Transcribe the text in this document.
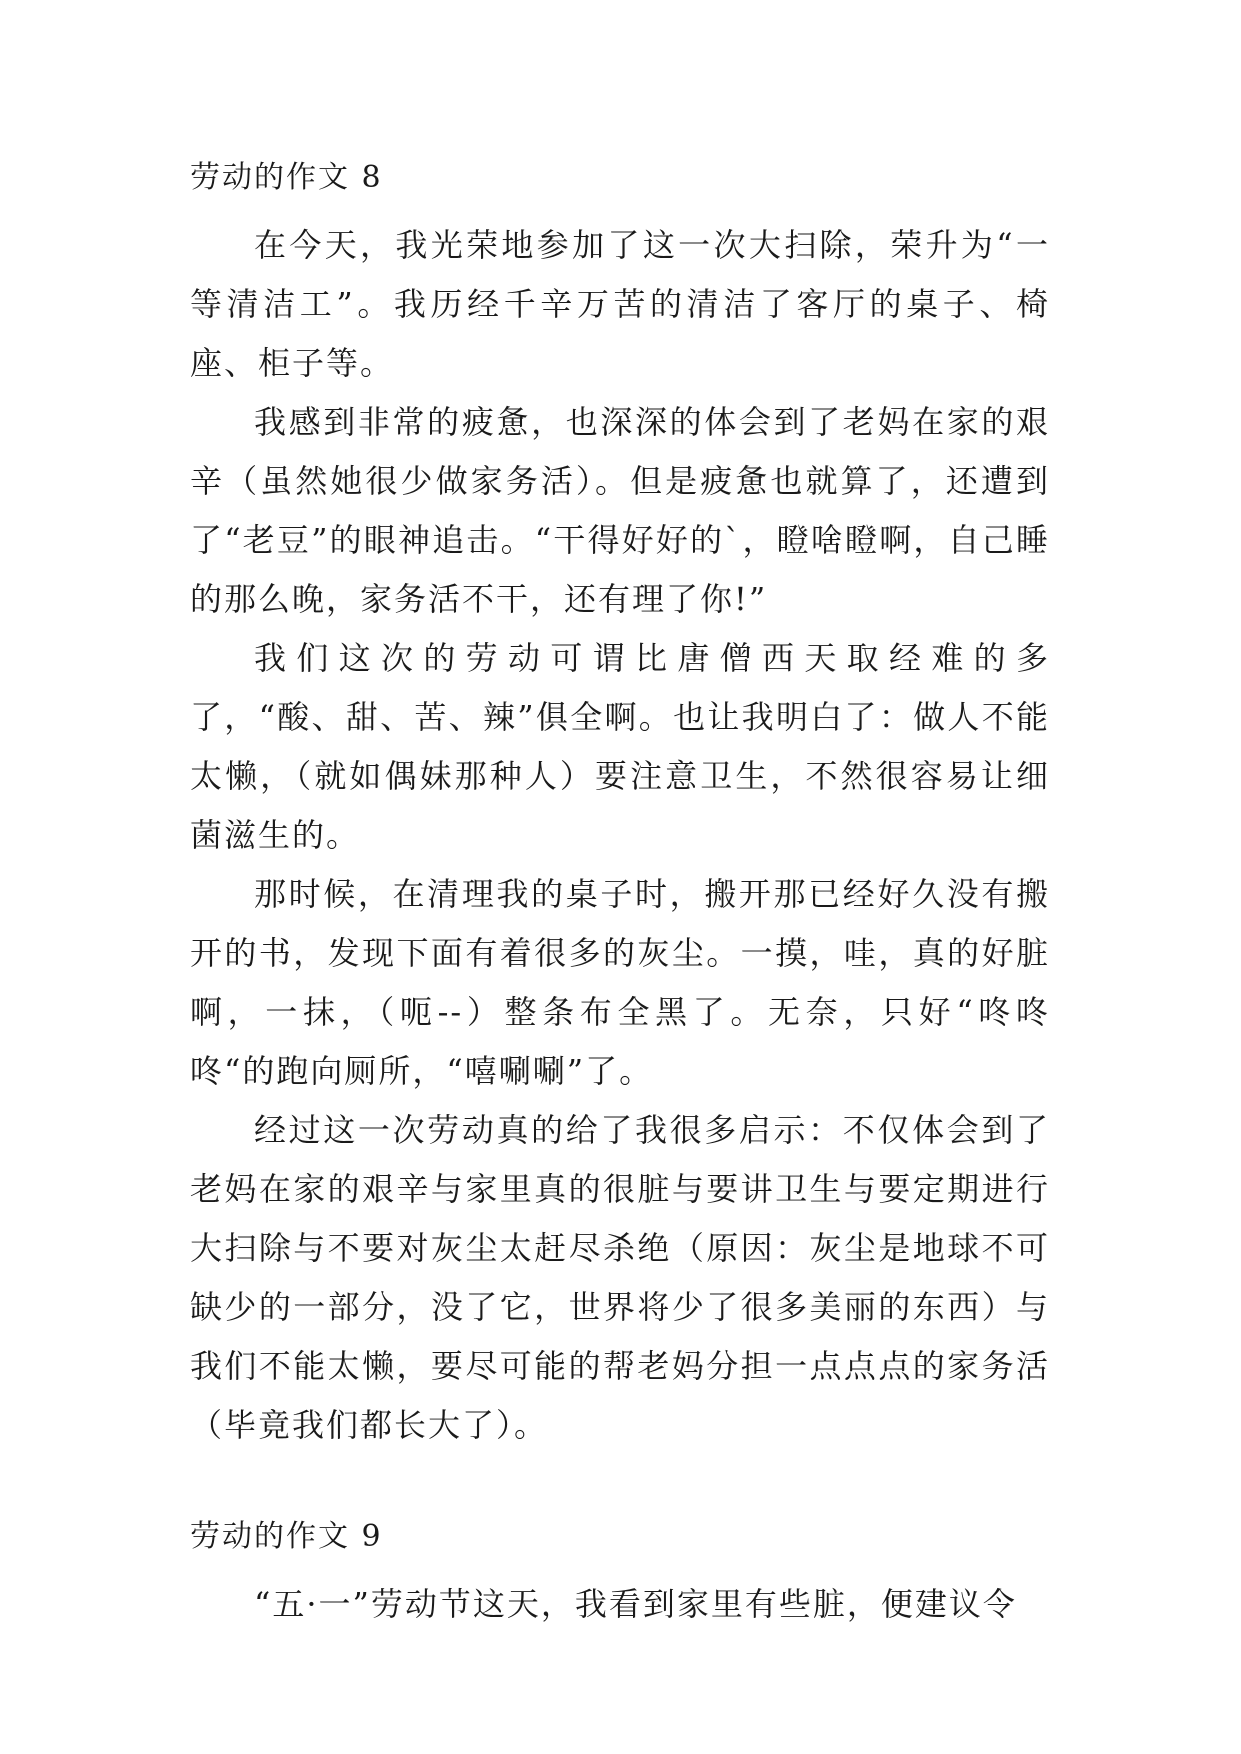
劳动的作文 8

在今天，我光荣地参加了这一次大扫除，荣升为“一等清洁工”。我历经千辛万苦的清洁了客厅的桌子、椅座、柜子等。

我感到非常的疲惫，也深深的体会到了老妈在家的艰辛（虽然她很少做家务活）。但是疲惫也就算了，还遭到了“老豆”的眼神追击。“干得好好的`，瞪啥瞪啊，自己睡的那么晚，家务活不干，还有理了你!”

我们这次的劳动可谓比唐僧西天取经难的多了，“酸、甜、苦、辣”俱全啊。也让我明白了：做人不能太懒，（就如偶妹那种人）要注意卫生，不然很容易让细菌滋生的。

那时候，在清理我的桌子时，搬开那已经好久没有搬开的书，发现下面有着很多的灰尘。一摸，哇，真的好脏啊，一抹，（呃--）整条布全黑了。无奈，只好“咚咚咚“的跑向厕所，“嘻唰唰”了。

经过这一次劳动真的给了我很多启示：不仅体会到了老妈在家的艰辛与家里真的很脏与要讲卫生与要定期进行大扫除与不要对灰尘太赶尽杀绝（原因：灰尘是地球不可缺少的一部分，没了它，世界将少了很多美丽的东西）与我们不能太懒，要尽可能的帮老妈分担一点点点的家务活（毕竟我们都长大了）。

劳动的作文 9

“五·一”劳动节这天，我看到家里有些脏，便建议令
